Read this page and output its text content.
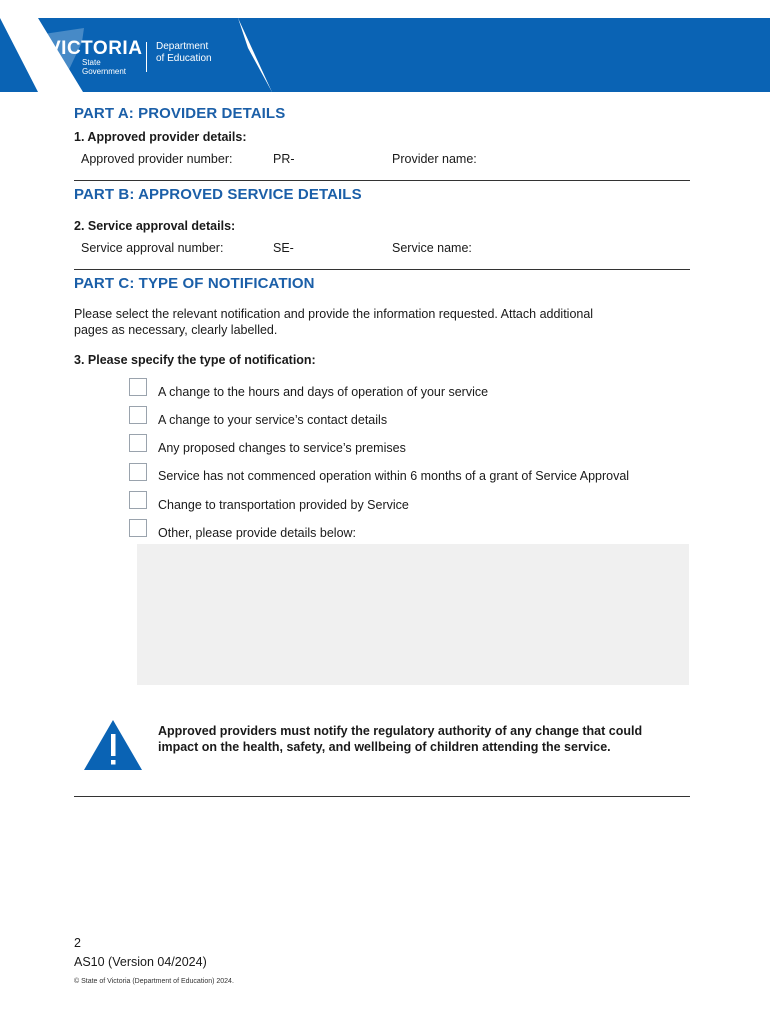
VICTORIA
State
Government
Department
of Education
PART A: PROVIDER DETAILS
1. Approved provider details:
Approved provider number:	PR-	Provider name:
PART B: APPROVED SERVICE DETAILS
2. Service approval details:
Service approval number:	SE-	Service name:
PART C: TYPE OF NOTIFICATION
Please select the relevant notification and provide the information requested. Attach additional
pages as necessary, clearly labelled.
3. Please specify the type of notification:
A change to the hours and days of operation of your service
A change to your service’s contact details
Any proposed changes to service’s premises
Service has not commenced operation within 6 months of a grant of Service Approval
Change to transportation provided by Service
Other, please provide details below:
Approved providers must notify the regulatory authority of any change that could impact on the health, safety, and wellbeing of children attending the service.
2
AS10 (Version 04/2024)
© State of Victoria (Department of Education) 2024.
